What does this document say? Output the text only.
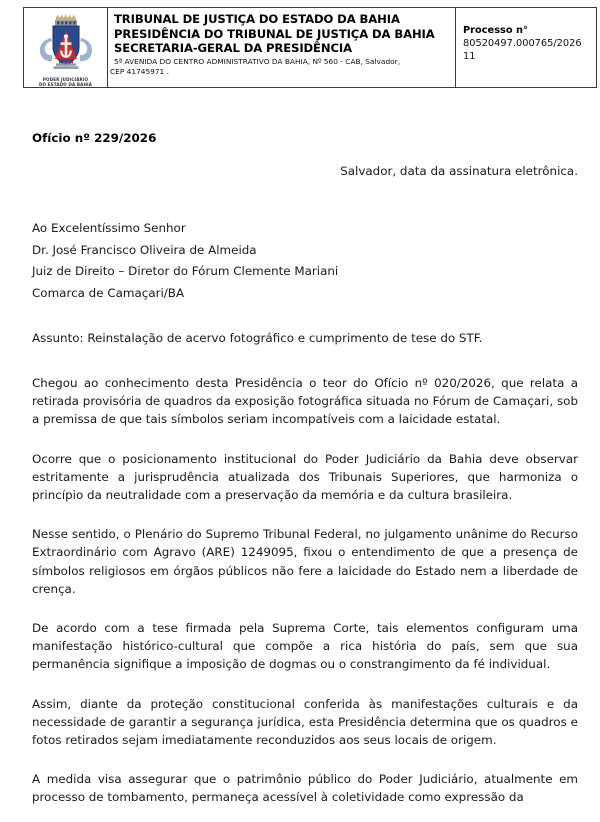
PODER JUDICIÁRIO
DO ESTADO DA BAHIA

TRIBUNAL DE JUSTIÇA DO ESTADO DA BAHIA
PRESIDÊNCIA DO TRIBUNAL DE JUSTIÇA DA BAHIA
SECRETARIA-GERAL DA PRESIDÊNCIA
5ª AVENIDA DO CENTRO ADMINISTRATIVO DA BAHIA, Nº 560 - CAB, Salvador,
CEP 41745971 .

Processo n°
80520497.000765/2026
11

Ofício nº 229/2026

Salvador, data da assinatura eletrônica.

Ao Excelentíssimo Senhor

Dr. José Francisco Oliveira de Almeida

Juiz de Direito – Diretor do Fórum Clemente Mariani

Comarca de Camaçari/BA

Assunto: Reinstalação de acervo fotográfico e cumprimento de tese do STF.

Chegou ao conhecimento desta Presidência o teor do Ofício nº 020/2026, que relata a retirada provisória de quadros da exposição fotográfica situada no Fórum de Camaçari, sob a premissa de que tais símbolos seriam incompatíveis com a laicidade estatal.

Ocorre que o posicionamento institucional do Poder Judiciário da Bahia deve observar estritamente a jurisprudência atualizada dos Tribunais Superiores, que harmoniza o princípio da neutralidade com a preservação da memória e da cultura brasileira.

Nesse sentido, o Plenário do Supremo Tribunal Federal, no julgamento unânime do Recurso Extraordinário com Agravo (ARE) 1249095, fixou o entendimento de que a presença de símbolos religiosos em órgãos públicos não fere a laicidade do Estado nem a liberdade de crença.

De acordo com a tese firmada pela Suprema Corte, tais elementos configuram uma manifestação histórico-cultural que compõe a rica história do país, sem que sua permanência signifique a imposição de dogmas ou o constrangimento da fé individual.

Assim, diante da proteção constitucional conferida às manifestações culturais e da necessidade de garantir a segurança jurídica, esta Presidência determina que os quadros e fotos retirados sejam imediatamente reconduzidos aos seus locais de origem.

A medida visa assegurar que o patrimônio público do Poder Judiciário, atualmente em processo de tombamento, permaneça acessível à coletividade como expressão da
